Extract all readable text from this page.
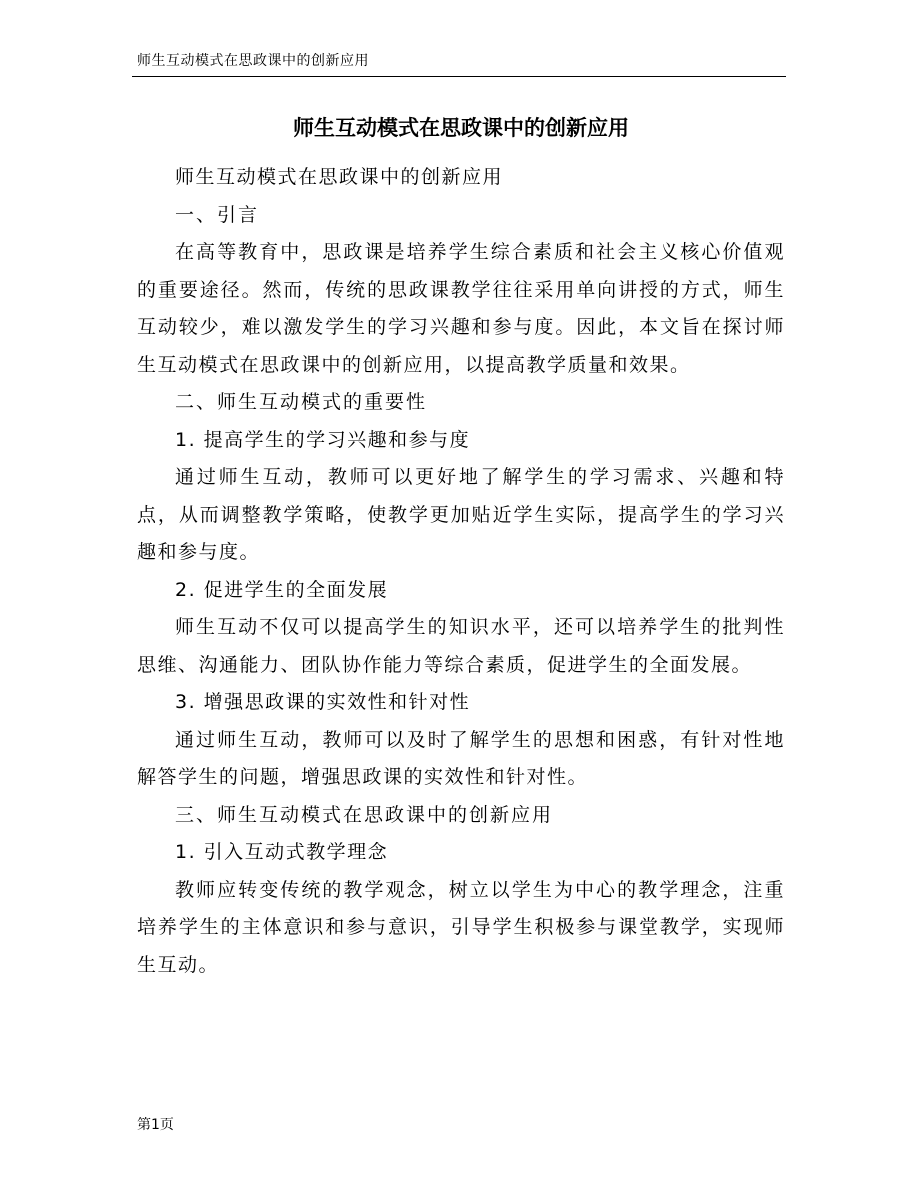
师生互动模式在思政课中的创新应用
师生互动模式在思政课中的创新应用

师生互动模式在思政课中的创新应用

一、引言

在高等教育中，思政课是培养学生综合素质和社会主义核心价值观的重要途径。然而，传统的思政课教学往往采用单向讲授的方式，师生互动较少，难以激发学生的学习兴趣和参与度。因此，本文旨在探讨师生互动模式在思政课中的创新应用，以提高教学质量和效果。

二、师生互动模式的重要性

1. 提高学生的学习兴趣和参与度

通过师生互动，教师可以更好地了解学生的学习需求、兴趣和特点，从而调整教学策略，使教学更加贴近学生实际，提高学生的学习兴趣和参与度。

2. 促进学生的全面发展

师生互动不仅可以提高学生的知识水平，还可以培养学生的批判性思维、沟通能力、团队协作能力等综合素质，促进学生的全面发展。

3. 增强思政课的实效性和针对性

通过师生互动，教师可以及时了解学生的思想和困惑，有针对性地解答学生的问题，增强思政课的实效性和针对性。

三、师生互动模式在思政课中的创新应用

1. 引入互动式教学理念

教师应转变传统的教学观念，树立以学生为中心的教学理念，注重培养学生的主体意识和参与意识，引导学生积极参与课堂教学，实现师生互动。

第1页
